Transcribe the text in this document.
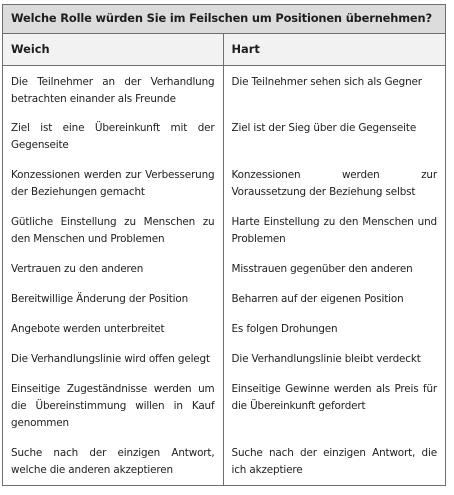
Welche Rolle würden Sie im Feilschen um Positionen übernehmen?
Weich	Hart
Die Teilnehmer an der Verhandlung betrachten einander als Freunde	Die Teilnehmer sehen sich als Gegner
Ziel ist eine Übereinkunft mit der Gegenseite	Ziel ist der Sieg über die Gegenseite
Konzessionen werden zur Verbesserung der Beziehungen gemacht	Konzessionen werden zur Voraussetzung der Beziehung selbst
Gütliche Einstellung zu Menschen zu den Menschen und Problemen	Harte Einstellung zu den Menschen und Problemen
Vertrauen zu den anderen	Misstrauen gegenüber den anderen
Bereitwillige Änderung der Position	Beharren auf der eigenen Position
Angebote werden unterbreitet	Es folgen Drohungen
Die Verhandlungslinie wird offen gelegt	Die Verhandlungslinie bleibt verdeckt
Einseitige Zugeständnisse werden um die Übereinstimmung willen in Kauf genommen	Einseitige Gewinne werden als Preis für die Übereinkunft gefordert
Suche nach der einzigen Antwort, welche die anderen akzeptieren	Suche nach der einzigen Antwort, die ich akzeptiere
